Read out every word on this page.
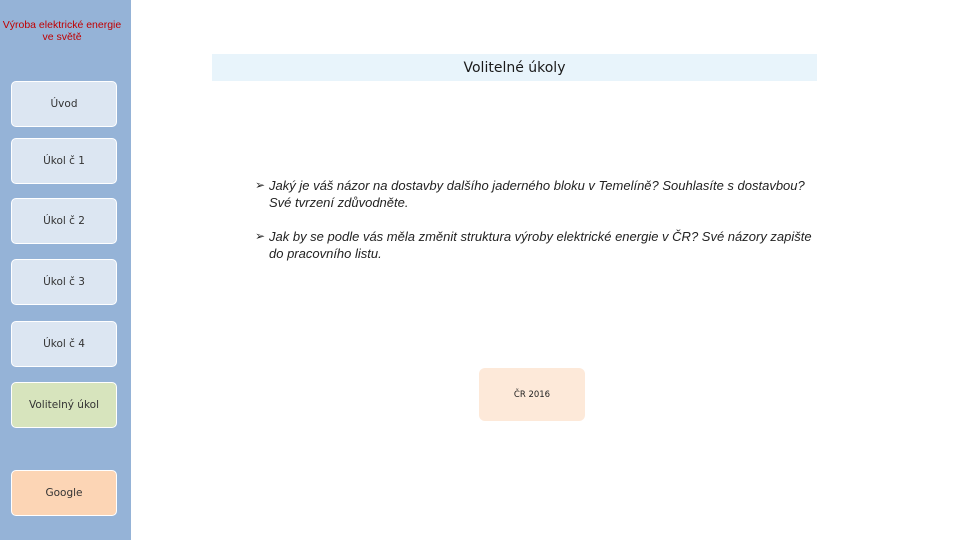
Výroba elektrické energie ve světě
Úvod
Úkol č 1
Úkol č 2
Úkol č 3
Úkol č 4
Volitelný úkol
Google
Volitelné úkoly
➢ Jaký je váš názor na dostavby dalšího jaderného bloku v Temelíně? Souhlasíte s dostavbou? Své tvrzení zdůvodněte.
➢ Jak by se podle vás měla změnit struktura výroby elektrické energie v ČR? Své názory zapište do pracovního listu.
ČR 2016
